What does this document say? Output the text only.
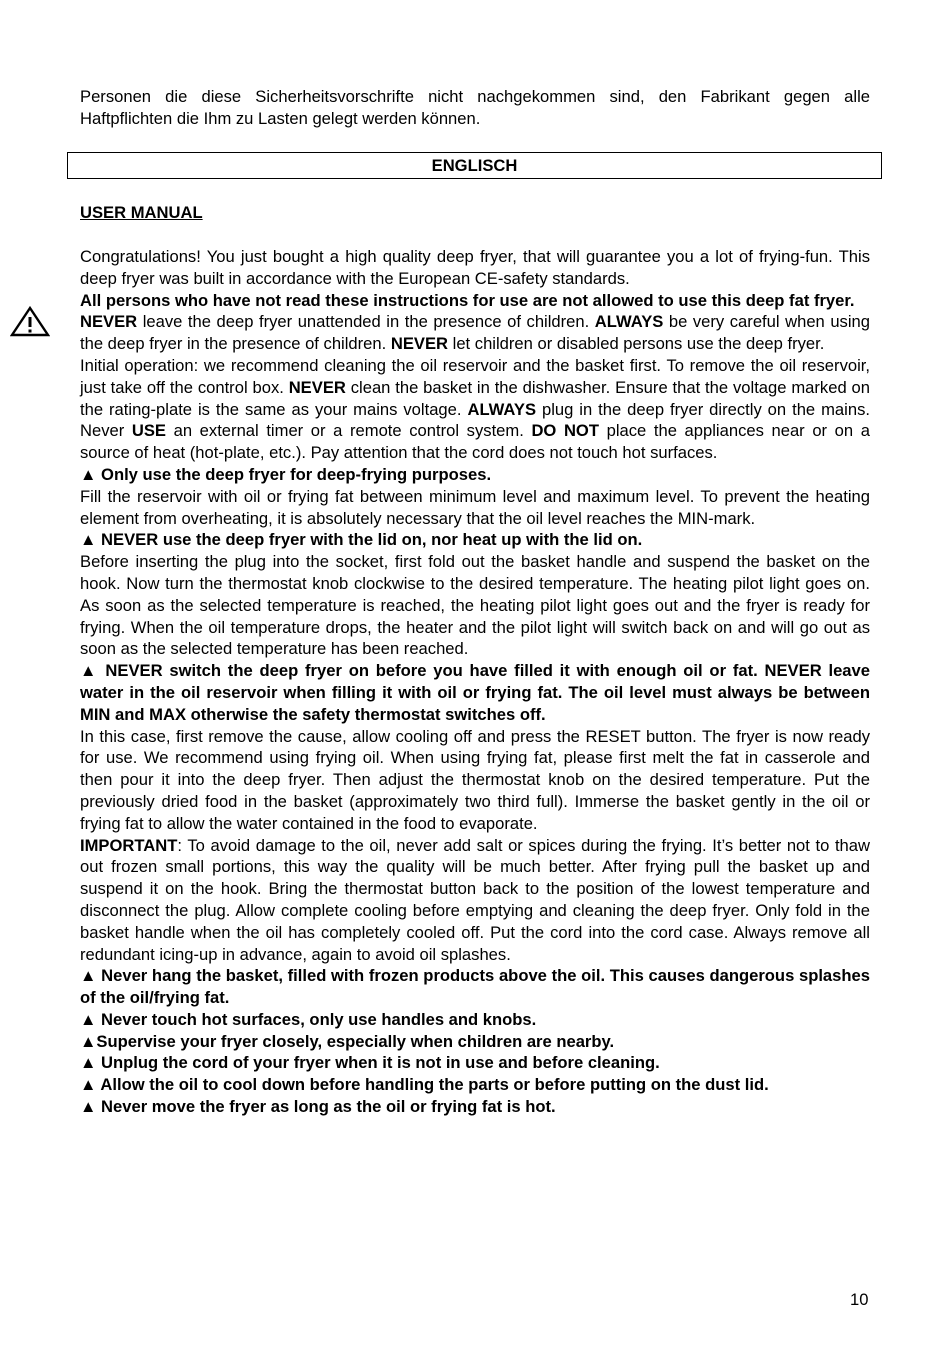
Personen die diese Sicherheitsvorschrifte nicht nachgekommen sind, den Fabrikant gegen alle Haftpflichten die Ihm zu Lasten gelegt werden können.

ENGLISCH
USER MANUAL

Congratulations! You just bought a high quality deep fryer, that will guarantee you a lot of frying-fun. This deep fryer was built in accordance with the European CE-safety standards.

All persons who have not read these instructions for use are not allowed to use this deep fat fryer.

NEVER leave the deep fryer unattended in the presence of children. ALWAYS be very careful when using the deep fryer in the presence of children. NEVER let children or disabled persons use the deep fryer.

Initial operation: we recommend cleaning the oil reservoir and the basket first. To remove the oil reservoir, just take off the control box. NEVER clean the basket in the dishwasher. Ensure that the voltage marked on the rating-plate is the same as your mains voltage. ALWAYS plug in the deep fryer directly on the mains. Never USE an external timer or a remote control system. DO NOT place the appliances near or on a source of heat (hot-plate, etc.). Pay attention that the cord does not touch hot surfaces.

▲ Only use the deep fryer for deep-frying purposes.

Fill the reservoir with oil or frying fat between minimum level and maximum level. To prevent the heating element from overheating, it is absolutely necessary that the oil level reaches the MIN-mark.

▲ NEVER use the deep fryer with the lid on, nor heat up with the lid on.

Before inserting the plug into the socket, first fold out the basket handle and suspend the basket on the hook. Now turn the thermostat knob clockwise to the desired temperature. The heating pilot light goes on. As soon as the selected temperature is reached, the heating pilot light goes out and the fryer is ready for frying. When the oil temperature drops, the heater and the pilot light will switch back on and will go out as soon as the selected temperature has been reached.

▲ NEVER switch the deep fryer on before you have filled it with enough oil or fat. NEVER leave water in the oil reservoir when filling it with oil or frying fat. The oil level must always be between MIN and MAX otherwise the safety thermostat switches off.

In this case, first remove the cause, allow cooling off and press the RESET button. The fryer is now ready for use. We recommend using frying oil. When using frying fat, please first melt the fat in casserole and then pour it into the deep fryer. Then adjust the thermostat knob on the desired temperature. Put the previously dried food in the basket (approximately two third full). Immerse the basket gently in the oil or frying fat to allow the water contained in the food to evaporate.

IMPORTANT: To avoid damage to the oil, never add salt or spices during the frying. It’s better not to thaw out frozen small portions, this way the quality will be much better. After frying pull the basket up and suspend it on the hook. Bring the thermostat button back to the position of the lowest temperature and disconnect the plug. Allow complete cooling before emptying and cleaning the deep fryer. Only fold in the basket handle when the oil has completely cooled off. Put the cord into the cord case. Always remove all redundant icing-up in advance, again to avoid oil splashes.

▲ Never hang the basket, filled with frozen products above the oil. This causes dangerous splashes of the oil/frying fat.

▲ Never touch hot surfaces, only use handles and knobs.

▲Supervise your fryer closely, especially when children are nearby.

▲ Unplug the cord of your fryer when it is not in use and before cleaning.

▲ Allow the oil to cool down before handling the parts or before putting on the dust lid.

▲ Never move the fryer as long as the oil or frying fat is hot.

10
